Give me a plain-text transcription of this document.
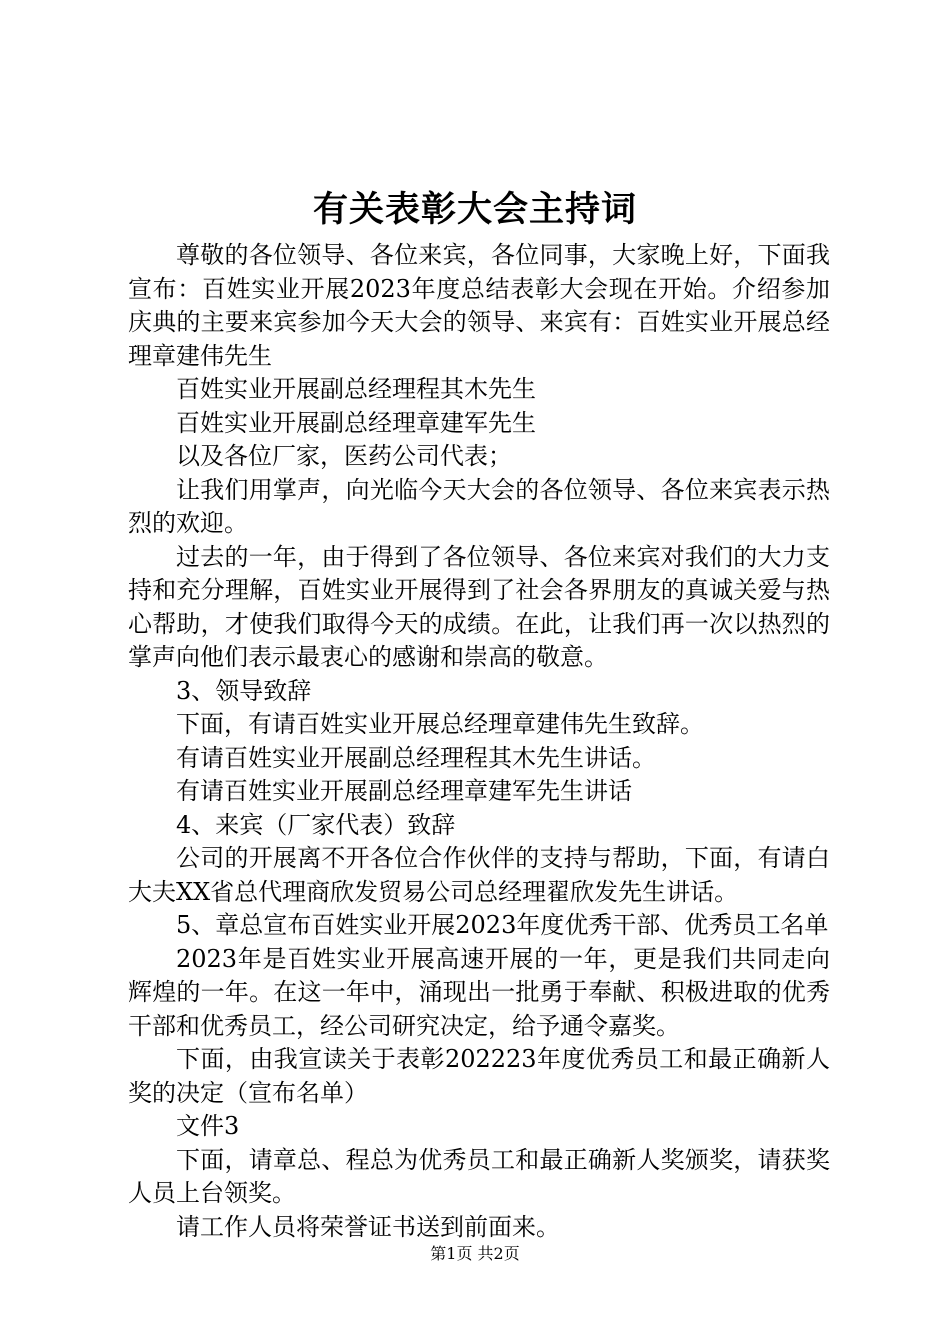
有关表彰大会主持词

尊敬的各位领导、各位来宾，各位同事，大家晚上好，下面我宣布：百姓实业开展2023年度总结表彰大会现在开始。介绍参加庆典的主要来宾参加今天大会的领导、来宾有：百姓实业开展总经理章建伟先生

百姓实业开展副总经理程其木先生

百姓实业开展副总经理章建军先生

以及各位厂家，医药公司代表；

让我们用掌声，向光临今天大会的各位领导、各位来宾表示热烈的欢迎。

过去的一年，由于得到了各位领导、各位来宾对我们的大力支持和充分理解，百姓实业开展得到了社会各界朋友的真诚关爱与热心帮助，才使我们取得今天的成绩。在此，让我们再一次以热烈的掌声向他们表示最衷心的感谢和崇高的敬意。

3、领导致辞

下面，有请百姓实业开展总经理章建伟先生致辞。

有请百姓实业开展副总经理程其木先生讲话。

有请百姓实业开展副总经理章建军先生讲话

4、来宾（厂家代表）致辞

公司的开展离不开各位合作伙伴的支持与帮助，下面，有请白大夫XX省总代理商欣发贸易公司总经理翟欣发先生讲话。

5、章总宣布百姓实业开展2023年度优秀干部、优秀员工名单

2023年是百姓实业开展高速开展的一年，更是我们共同走向辉煌的一年。在这一年中，涌现出一批勇于奉献、积极进取的优秀干部和优秀员工，经公司研究决定，给予通令嘉奖。

下面，由我宣读关于表彰202223年度优秀员工和最正确新人奖的决定（宣布名单）

文件3

下面，请章总、程总为优秀员工和最正确新人奖颁奖，请获奖人员上台领奖。

请工作人员将荣誉证书送到前面来。

第1页 共2页
